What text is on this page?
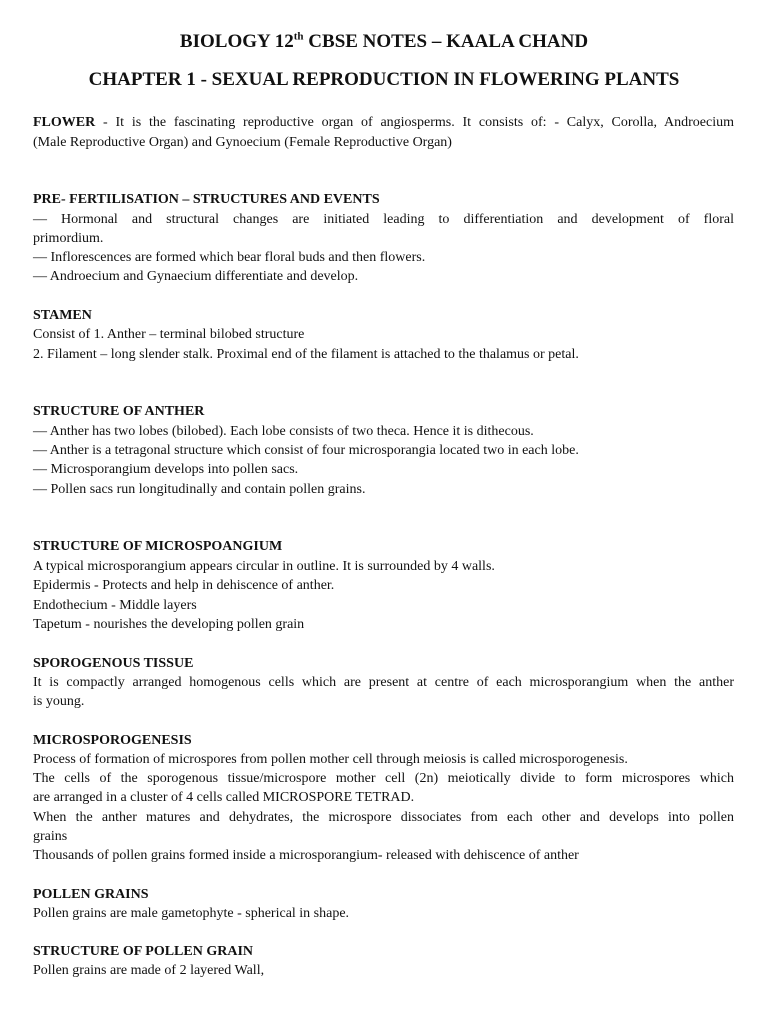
BIOLOGY 12th CBSE NOTES – KAALA CHAND
CHAPTER 1 - SEXUAL REPRODUCTION IN FLOWERING PLANTS
FLOWER - It is the fascinating reproductive organ of angiosperms. It consists of: - Calyx, Corolla, Androecium
(Male Reproductive Organ) and Gynoecium (Female Reproductive Organ)
PRE- FERTILISATION – STRUCTURES AND EVENTS
— Hormonal and structural changes are initiated leading to differentiation and development of floral
primordium.
— Inflorescences are formed which bear floral buds and then flowers.
— Androecium and Gynaecium differentiate and develop.
STAMEN
Consist of 1. Anther – terminal bilobed structure
2. Filament – long slender stalk. Proximal end of the filament is attached to the thalamus or petal.
STRUCTURE OF ANTHER
— Anther has two lobes (bilobed). Each lobe consists of two theca. Hence it is dithecous.
— Anther is a tetragonal structure which consist of four microsporangia located two in each lobe.
— Microsporangium develops into pollen sacs.
— Pollen sacs run longitudinally and contain pollen grains.
STRUCTURE OF MICROSPOANGIUM
A typical microsporangium appears circular in outline. It is surrounded by 4 walls.
Epidermis - Protects and help in dehiscence of anther.
Endothecium - Middle layers
Tapetum - nourishes the developing pollen grain
SPOROGENOUS TISSUE
It is compactly arranged homogenous cells which are present at centre of each microsporangium when the anther
is young.
MICROSPOROGENESIS
Process of formation of microspores from pollen mother cell through meiosis is called microsporogenesis.
The cells of the sporogenous tissue/microspore mother cell (2n) meiotically divide to form microspores which
are arranged in a cluster of 4 cells called MICROSPORE TETRAD.
When the anther matures and dehydrates, the microspore dissociates from each other and develops into pollen
grains
Thousands of pollen grains formed inside a microsporangium- released with dehiscence of anther
POLLEN GRAINS
Pollen grains are male gametophyte - spherical in shape.
STRUCTURE OF POLLEN GRAIN
Pollen grains are made of 2 layered Wall,
